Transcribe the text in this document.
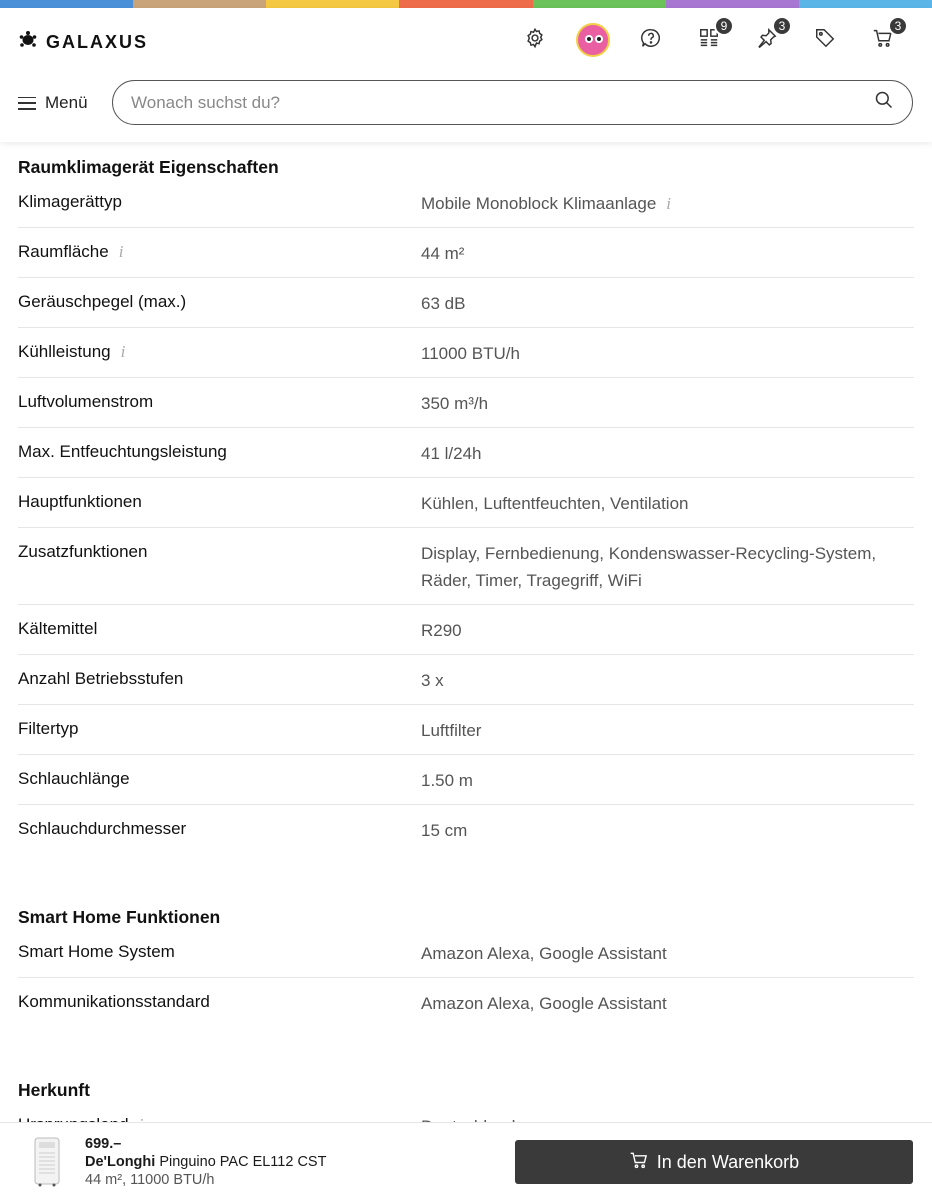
GALAXUS
9	3	3
Menü
Wonach suchst du?
Raumklimagerät Eigenschaften
Klimagerättyp	Mobile Monoblock Klimaanlage i
Raumfläche i	44 m²
Geräuschpegel (max.)	63 dB
Kühlleistung i	11000 BTU/h
Luftvolumenstrom	350 m³/h
Max. Entfeuchtungsleistung	41 l/24h
Hauptfunktionen	Kühlen, Luftentfeuchten, Ventilation
Zusatzfunktionen	Display, Fernbedienung, Kondenswasser-Recycling-System, Räder, Timer, Tragegriff, WiFi
Kältemittel	R290
Anzahl Betriebsstufen	3 x
Filtertyp	Luftfilter
Schlauchlänge	1.50 m
Schlauchdurchmesser	15 cm
Smart Home Funktionen
Smart Home System	Amazon Alexa, Google Assistant
Kommunikationsstandard	Amazon Alexa, Google Assistant
Herkunft
699.–
De'Longhi Pinguino PAC EL112 CST
44 m², 11000 BTU/h
In den Warenkorb
